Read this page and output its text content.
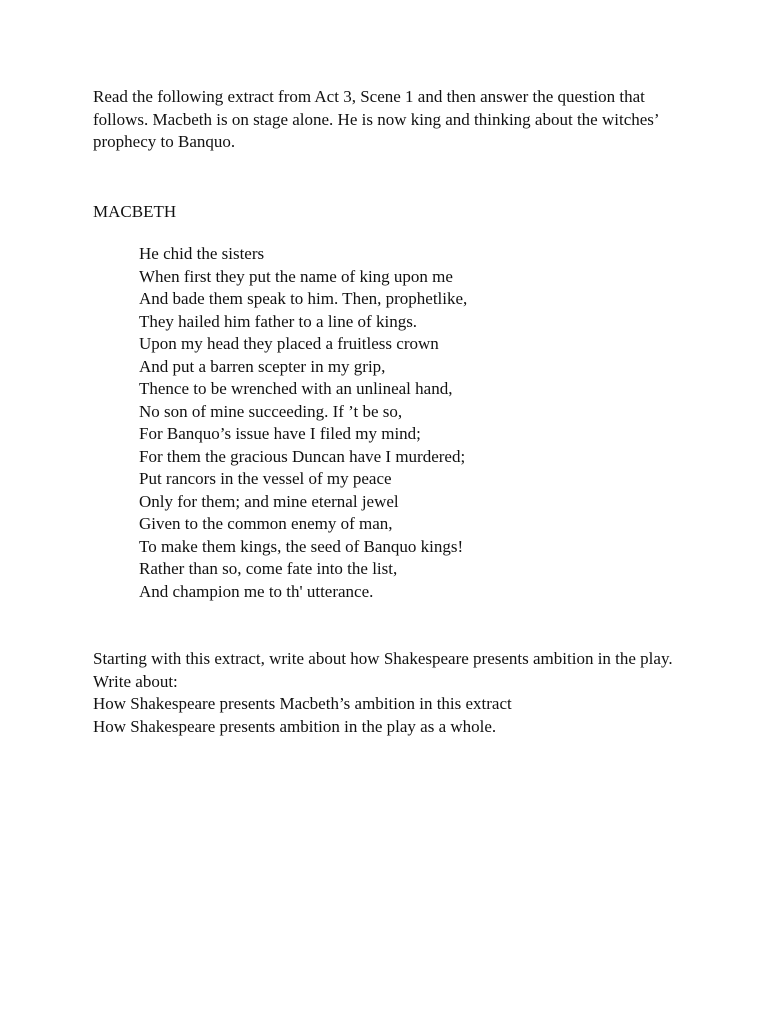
Read the following extract from Act 3, Scene 1 and then answer the question that follows. Macbeth is on stage alone. He is now king and thinking about the witches’ prophecy to Banquo.

MACBETH

He chid the sisters
When first they put the name of king upon me
And bade them speak to him. Then, prophetlike,
They hailed him father to a line of kings.
Upon my head they placed a fruitless crown
And put a barren scepter in my grip,
Thence to be wrenched with an unlineal hand,
No son of mine succeeding. If ’t be so,
For Banquo’s issue have I filed my mind;
For them the gracious Duncan have I murdered;
Put rancors in the vessel of my peace
Only for them; and mine eternal jewel
Given to the common enemy of man,
To make them kings, the seed of Banquo kings!
Rather than so, come fate into the list,
And champion me to th' utterance.
Starting with this extract, write about how Shakespeare presents ambition in the play. Write about:
How Shakespeare presents Macbeth’s ambition in this extract
How Shakespeare presents ambition in the play as a whole.
